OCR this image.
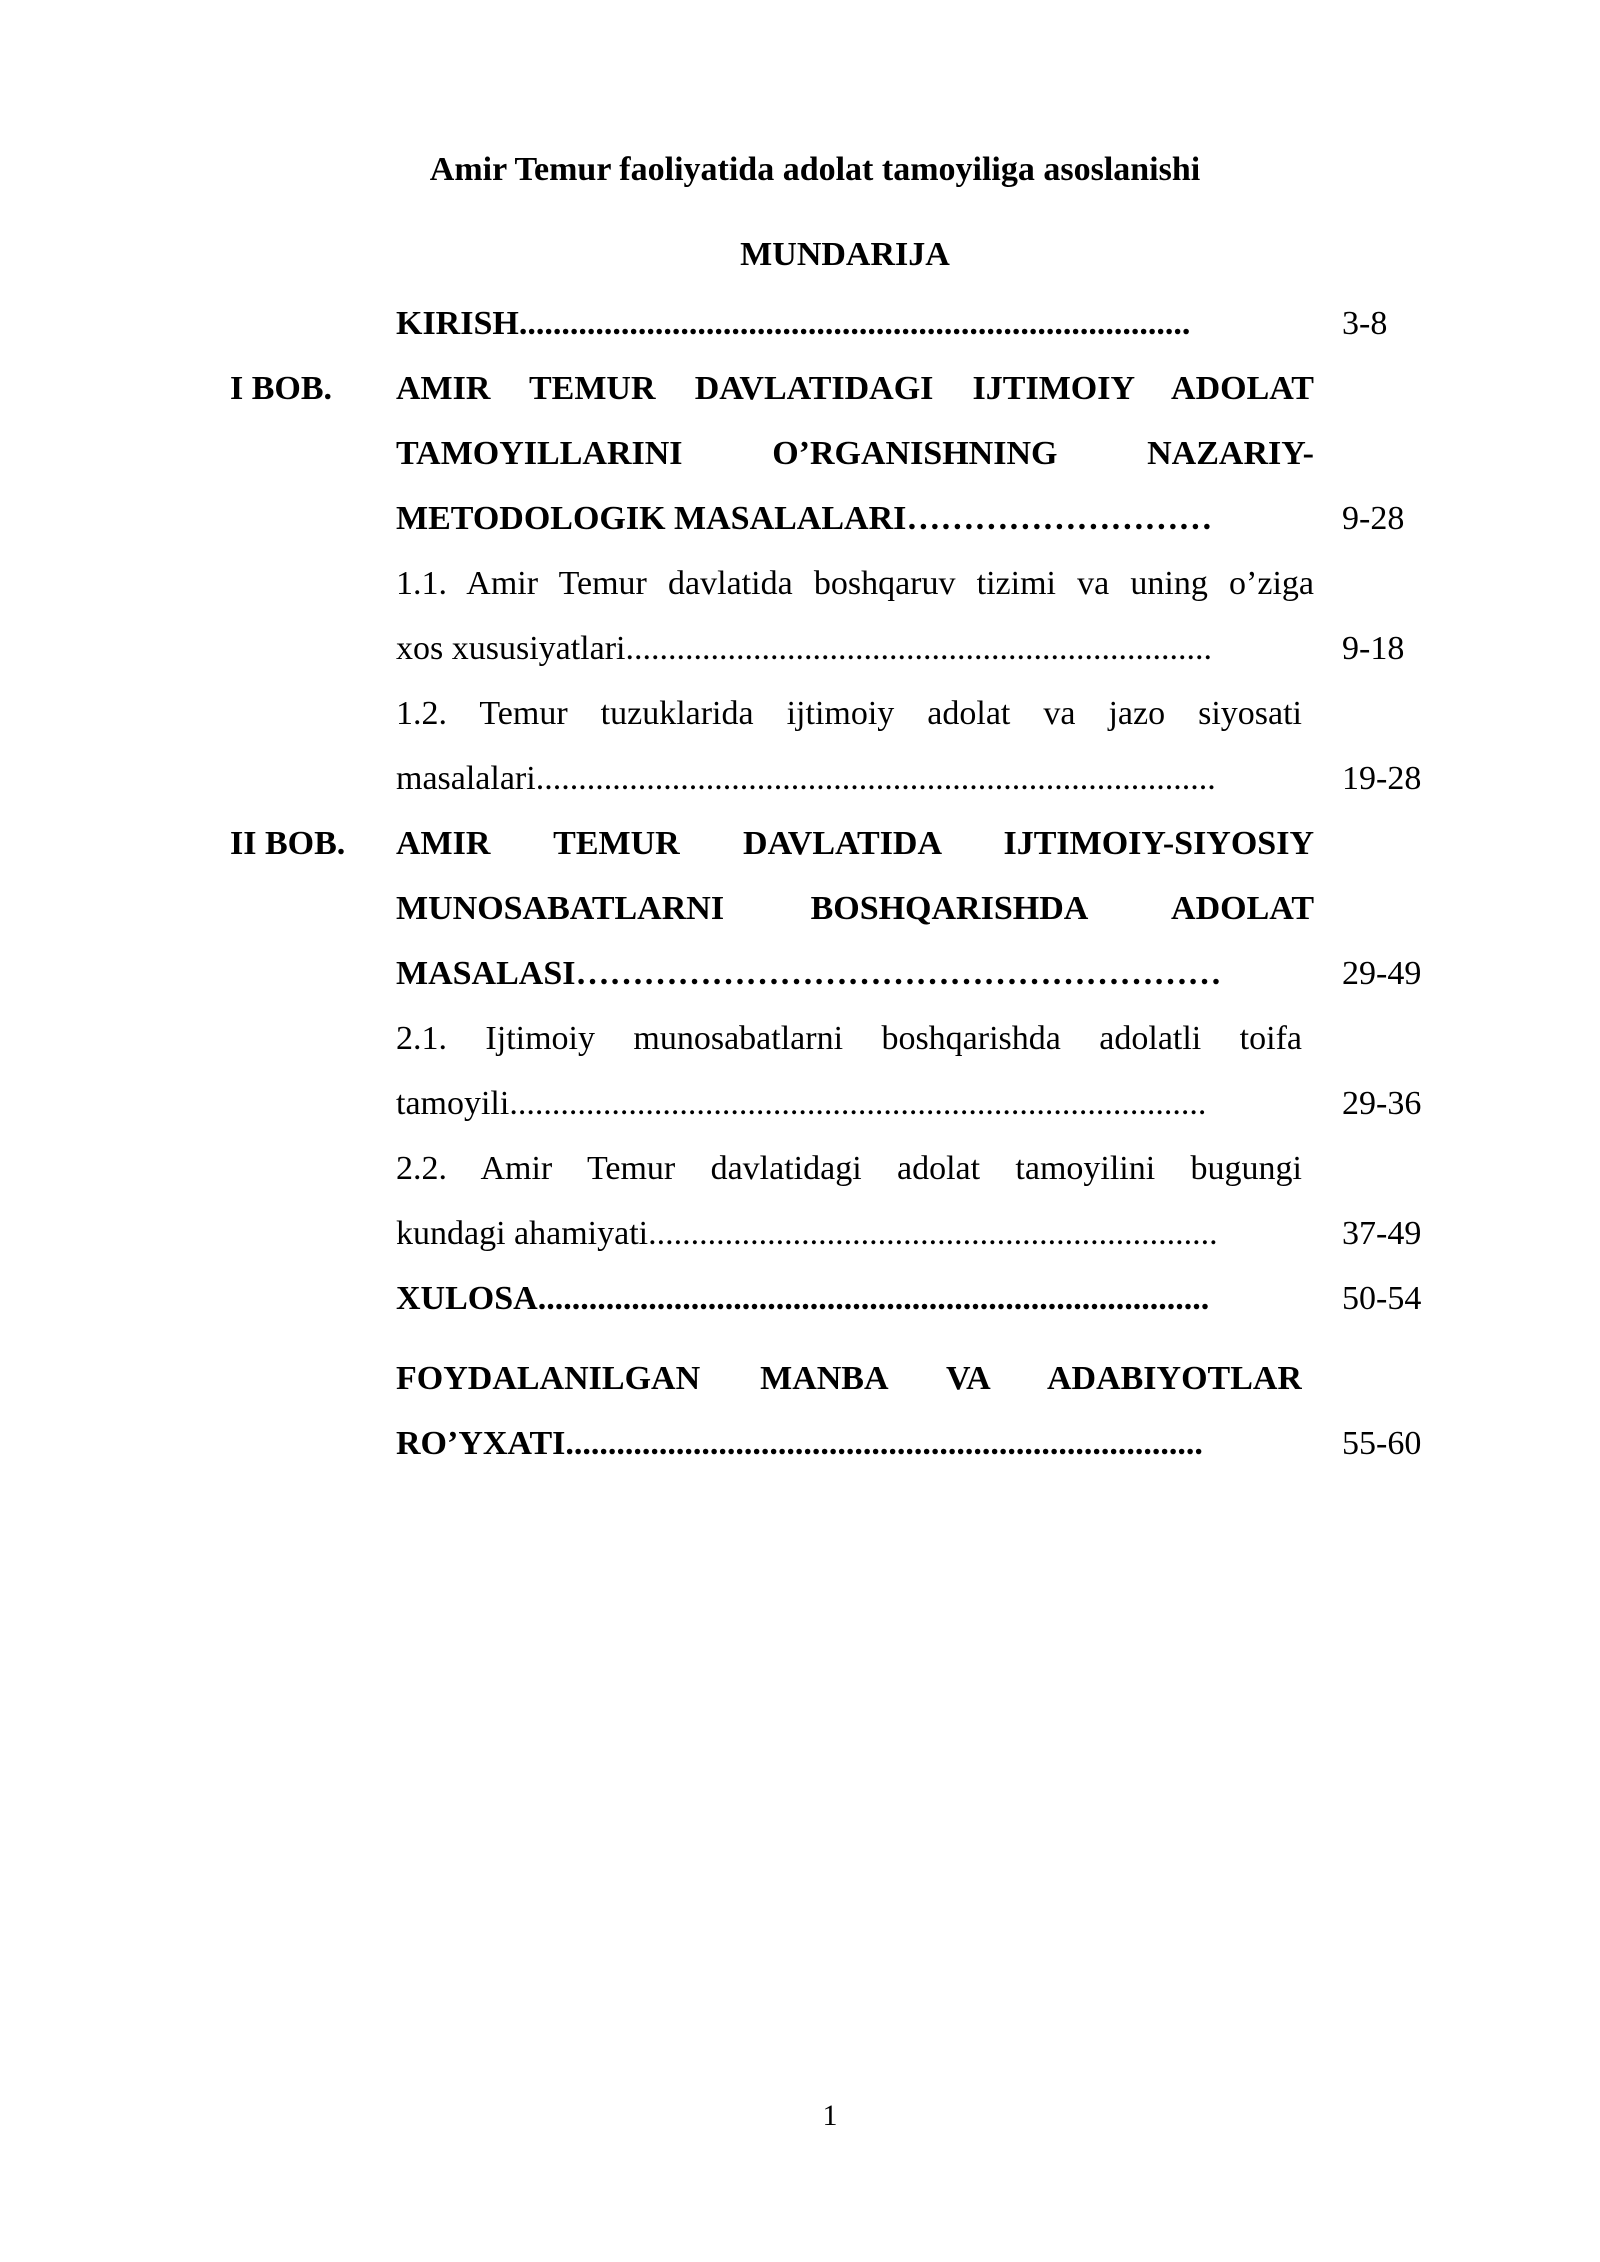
Amir Temur faoliyatida adolat tamoyiliga asoslanishi
MUNDARIJA
KIRISH...............................................................................	3-8
I BOB. AMIR TEMUR DAVLATIDAGI IJTIMOIY ADOLAT
TAMOYILLARINI O’RGANISHNING NAZARIY-
METODOLOGIK MASALALARI………………………	9-28
1.1. Amir Temur davlatida boshqaruv tizimi va uning o’ziga
xos xususiyatlari.....................................................................	9-18
1.2. Temur tuzuklarida ijtimoiy adolat va jazo siyosati
masalalari................................................................................	19-28
II BOB. AMIR TEMUR DAVLATIDA IJTIMOIY-SIYOSIY
MUNOSABATLARNI BOSHQARISHDA ADOLAT
MASALASI…………………………………………………	29-49
2.1. Ijtimoiy munosabatlarni boshqarishda adolatli toifa
tamoyili..................................................................................	29-36
2.2. Amir Temur davlatidagi adolat tamoyilini bugungi
kundagi ahamiyati...................................................................	37-49
XULOSA...............................................................................	50-54
FOYDALANILGAN MANBA VA ADABIYOTLAR
RO’YXATI...........................................................................	55-60
1
